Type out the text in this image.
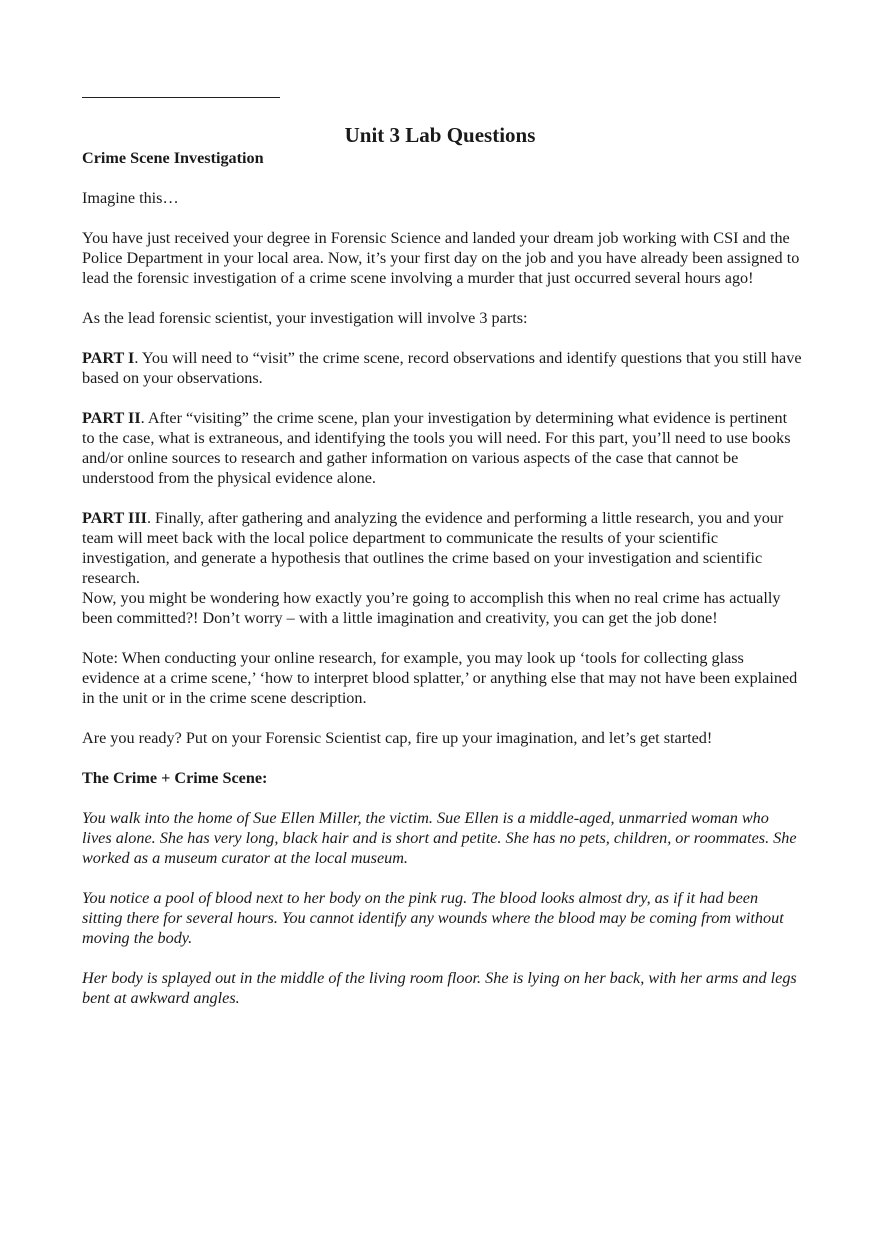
Unit 3 Lab Questions

Crime Scene Investigation

Imagine this…

You have just received your degree in Forensic Science and landed your dream job working with CSI and the Police Department in your local area. Now, it’s your first day on the job and you have already been assigned to lead the forensic investigation of a crime scene involving a murder that just occurred several hours ago!

As the lead forensic scientist, your investigation will involve 3 parts:

PART I. You will need to “visit” the crime scene, record observations and identify questions that you still have based on your observations.

PART II. After “visiting” the crime scene, plan your investigation by determining what evidence is pertinent to the case, what is extraneous, and identifying the tools you will need. For this part, you’ll need to use books and/or online sources to research and gather information on various aspects of the case that cannot be understood from the physical evidence alone.

PART III. Finally, after gathering and analyzing the evidence and performing a little research, you and your team will meet back with the local police department to communicate the results of your scientific investigation, and generate a hypothesis that outlines the crime based on your investigation and scientific research.

Now, you might be wondering how exactly you’re going to accomplish this when no real crime has actually been committed?! Don’t worry – with a little imagination and creativity, you can get the job done!

Note: When conducting your online research, for example, you may look up ‘tools for collecting glass evidence at a crime scene,’ ‘how to interpret blood splatter,’ or anything else that may not have been explained in the unit or in the crime scene description.

Are you ready? Put on your Forensic Scientist cap, fire up your imagination, and let’s get started!

The Crime + Crime Scene:

You walk into the home of Sue Ellen Miller, the victim. Sue Ellen is a middle-aged, unmarried woman who lives alone. She has very long, black hair and is short and petite. She has no pets, children, or roommates. She worked as a museum curator at the local museum.

You notice a pool of blood next to her body on the pink rug. The blood looks almost dry, as if it had been sitting there for several hours. You cannot identify any wounds where the blood may be coming from without moving the body.

Her body is splayed out in the middle of the living room floor. She is lying on her back, with her arms and legs bent at awkward angles.
